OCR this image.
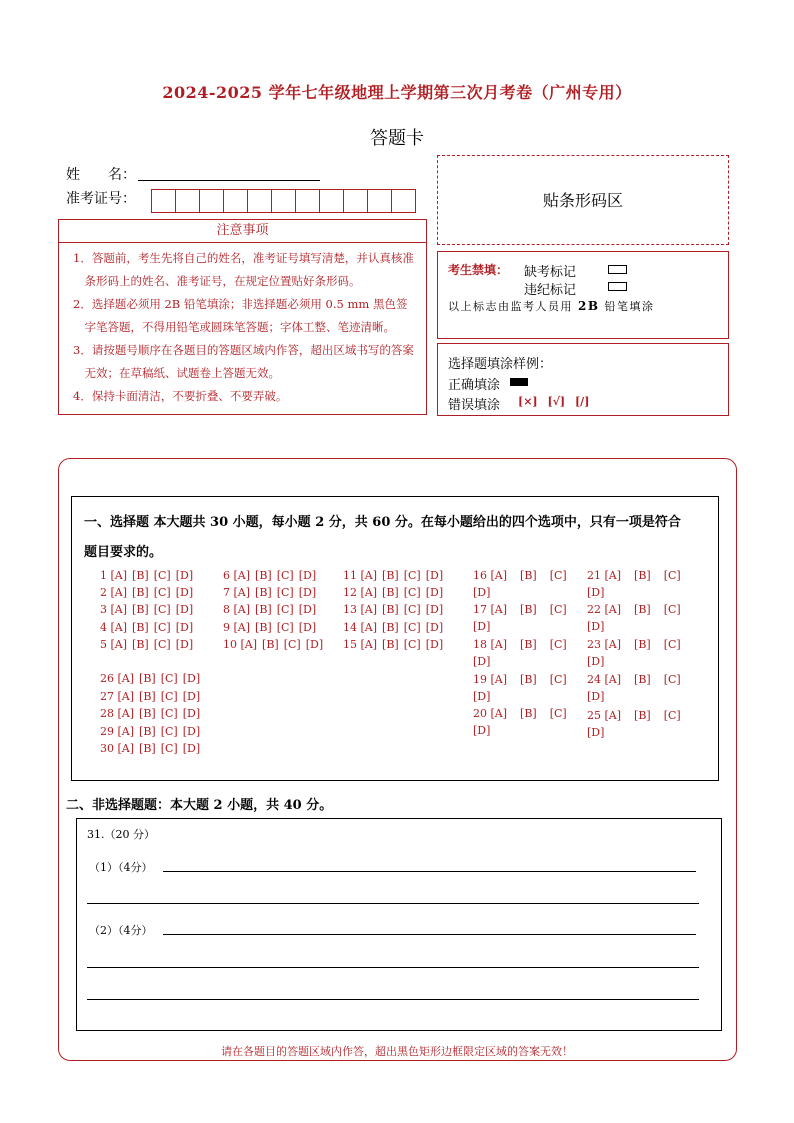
2024-2025 学年七年级地理上学期第三次月考卷（广州专用）
答题卡
姓　　名：
准考证号：	贴条形码区
注意事项
1．答题前，考生先将自己的姓名，准考证号填写清楚，并认真核准条形码上的姓名、准考证号，在规定位置贴好条形码。
2．选择题必须用 2B 铅笔填涂；非选择题必须用 0.5 mm 黑色签字笔答题，不得用铅笔或圆珠笔答题；字体工整、笔迹清晰。
3．请按题号顺序在各题目的答题区域内作答，超出区域书写的答案无效；在草稿纸、试题卷上答题无效。
4．保持卡面清洁，不要折叠、不要弄破。
考生禁填： 缺考标记
违纪标记
以上标志由监考人员用 2B 铅笔填涂
选择题填涂样例：
正确填涂
错误填涂 [×] [√] [/]
一、选择题 本大题共 30 小题，每小题 2 分，共 60 分。在每小题给出的四个选项中，只有一项是符合
题目要求的。
1 [A] [B] [C] [D]
2 [A] [B] [C] [D]
3 [A] [B] [C] [D]
4 [A] [B] [C] [D]
5 [A] [B] [C] [D]
6 [A] [B] [C] [D]
7 [A] [B] [C] [D]
8 [A] [B] [C] [D]
9 [A] [B] [C] [D]
10 [A] [B] [C] [D]
11 [A] [B] [C] [D]
12 [A] [B] [C] [D]
13 [A] [B] [C] [D]
14 [A] [B] [C] [D]
15 [A] [B] [C] [D]
16 [A] [B] [C]
[D]
17 [A] [B] [C]
[D]
18 [A] [B] [C]
[D]
19 [A] [B] [C]
[D]
20 [A] [B] [C]
[D]
21 [A] [B] [C]
[D]
22 [A] [B] [C]
[D]
23 [A] [B] [C]
[D]
24 [A] [B] [C]
[D]
25 [A] [B] [C]
[D]
26 [A] [B] [C] [D]
27 [A] [B] [C] [D]
28 [A] [B] [C] [D]
29 [A] [B] [C] [D]
30 [A] [B] [C] [D]
二、非选择题题：本大题 2 小题，共 40 分。
31.（20 分）
（1）（4分）
（2）（4分）
请在各题目的答题区域内作答，超出黑色矩形边框限定区域的答案无效！
